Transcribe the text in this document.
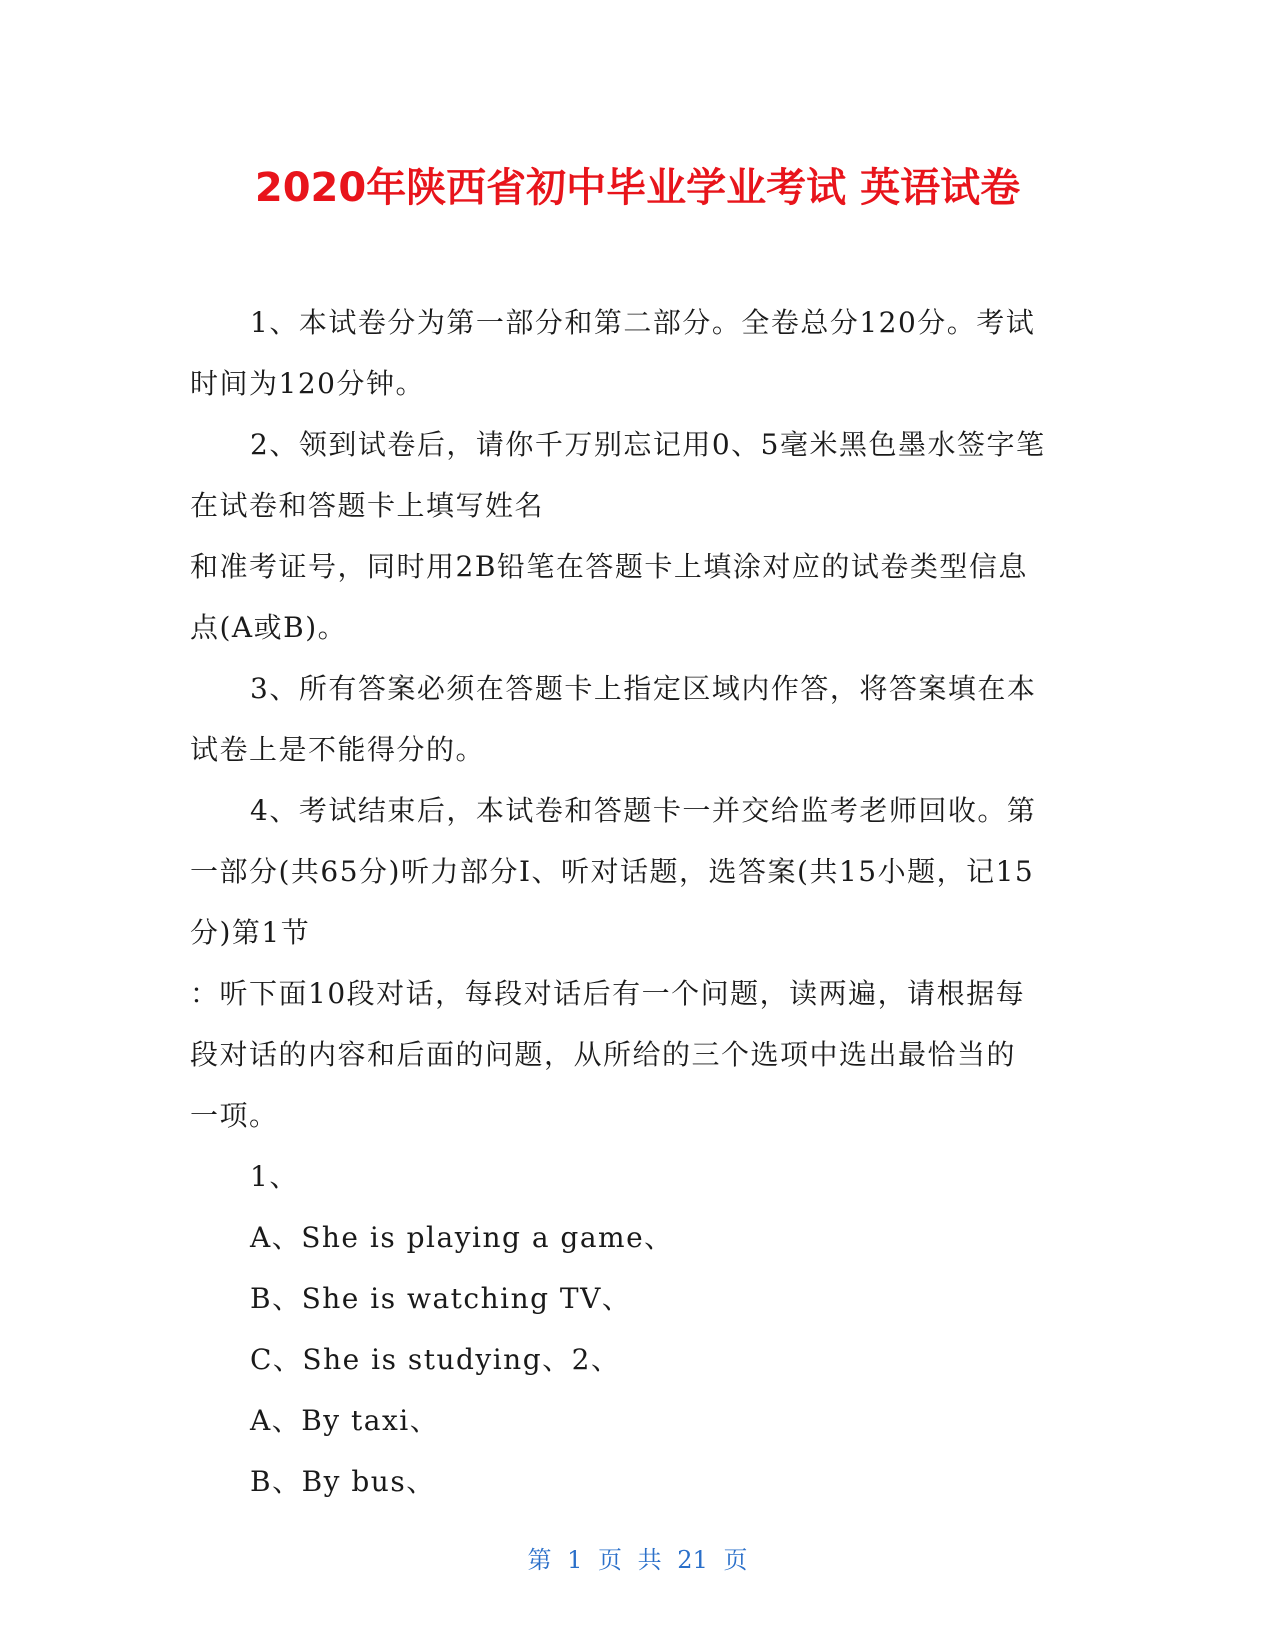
2020年陕西省初中毕业学业考试 英语试卷
1、本试卷分为第一部分和第二部分。全卷总分120分。考试
时间为120分钟。
2、领到试卷后，请你千万别忘记用0、5毫米黑色墨水签字笔
在试卷和答题卡上填写姓名
和准考证号，同时用2B铅笔在答题卡上填涂对应的试卷类型信息
点(A或B)。
3、所有答案必须在答题卡上指定区域内作答，将答案填在本
试卷上是不能得分的。
4、考试结束后，本试卷和答题卡一并交给监考老师回收。第
一部分(共65分)听力部分I、听对话题，选答案(共15小题，记15
分)第1节
：听下面10段对话，每段对话后有一个问题，读两遍，请根据每
段对话的内容和后面的问题，从所给的三个选项中选出最恰当的
一项。
1、
A、She is playing a game、
B、She is watching TV、
C、She is studying、2、
A、By taxi、
B、By bus、
第 1 页 共 21 页
